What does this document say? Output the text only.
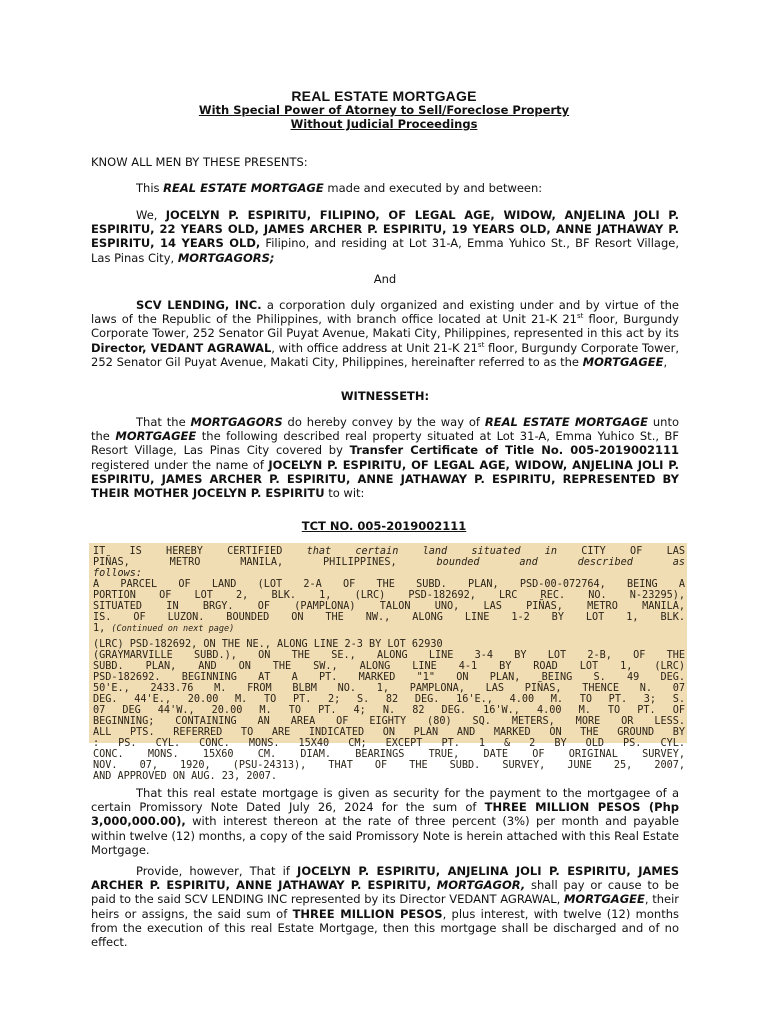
REAL ESTATE MORTGAGE
With Special Power of Atorney to Sell/Foreclose Property
Without Judicial Proceedings
KNOW ALL MEN BY THESE PRESENTS:
This REAL ESTATE MORTGAGE made and executed by and between:
We, JOCELYN P. ESPIRITU, FILIPINO, OF LEGAL AGE, WIDOW, ANJELINA JOLI P. ESPIRITU, 22 YEARS OLD, JAMES ARCHER P. ESPIRITU, 19 YEARS OLD, ANNE JATHAWAY P. ESPIRITU, 14 YEARS OLD, Filipino, and residing at Lot 31-A, Emma Yuhico St., BF Resort Village, Las Pinas City, MORTGAGORS;
And
SCV LENDING, INC. a corporation duly organized and existing under and by virtue of the laws of the Republic of the Philippines, with branch office located at Unit 21-K 21st floor, Burgundy Corporate Tower, 252 Senator Gil Puyat Avenue, Makati City, Philippines, represented in this act by its Director, VEDANT AGRAWAL, with office address at Unit 21-K 21st floor, Burgundy Corporate Tower, 252 Senator Gil Puyat Avenue, Makati City, Philippines, hereinafter referred to as the MORTGAGEE,
WITNESSETH:
That the MORTGAGORS do hereby convey by the way of REAL ESTATE MORTGAGE unto the MORTGAGEE the following described real property situated at Lot 31-A, Emma Yuhico St., BF Resort Village, Las Pinas City covered by Transfer Certificate of Title No. 005-2019002111 registered under the name of JOCELYN P. ESPIRITU, OF LEGAL AGE, WIDOW, ANJELINA JOLI P. ESPIRITU, JAMES ARCHER P. ESPIRITU, ANNE JATHAWAY P. ESPIRITU, REPRESENTED BY THEIR MOTHER JOCELYN P. ESPIRITU to wit:
TCT NO. 005-2019002111
IT IS HEREBY CERTIFIED that certain land situated in CITY OF LAS
PIÑAS, METRO MANILA, PHILIPPINES, bounded and described as
follows:
A PARCEL OF LAND (LOT 2-A OF THE SUBD. PLAN, PSD-00-072764, BEING A
PORTION OF LOT 2, BLK. 1, (LRC) PSD-182692, LRC REC. NO. N-23295),
SITUATED IN BRGY. OF (PAMPLONA) TALON UNO, LAS PIÑAS, METRO MANILA,
IS. OF LUZON. BOUNDED ON THE NW., ALONG LINE 1-2 BY LOT 1, BLK.
1, (Continued on next page)
(LRC) PSD-182692, ON THE NE., ALONG LINE 2-3 BY LOT 62930
(GRAYMARVILLE SUBD.), ON THE SE., ALONG LINE 3-4 BY LOT 2-B, OF THE
SUBD. PLAN, AND ON THE SW., ALONG LINE 4-1 BY ROAD LOT 1, (LRC)
PSD-182692. BEGINNING AT A PT. MARKED "1" ON PLAN, BEING S. 49 DEG.
50'E., 2433.76 M. FROM BLBM NO. 1, PAMPLONA, LAS PIÑAS, THENCE N. 07
DEG. 44'E., 20.00 M. TO PT. 2; S. 82 DEG. 16'E., 4.00 M. TO PT. 3; S.
07 DEG 44'W., 20.00 M. TO PT. 4; N. 82 DEG. 16'W., 4.00 M. TO PT. OF
BEGINNING; CONTAINING AN AREA OF EIGHTY (80) SQ. METERS, MORE OR LESS.
ALL PTS. REFERRED TO ARE INDICATED ON PLAN AND MARKED ON THE GROUND BY
: PS. CYL. CONC. MONS. 15X40 CM; EXCEPT PT. 1 & 2 BY OLD PS. CYL.
CONC. MONS. 15X60 CM. DIAM. BEARINGS TRUE, DATE OF ORIGINAL SURVEY,
NOV. 07, 1920, (PSU-24313), THAT OF THE SUBD. SURVEY, JUNE 25, 2007,
AND APPROVED ON AUG. 23, 2007.
That this real estate mortgage is given as security for the payment to the mortgagee of a certain Promissory Note Dated July 26, 2024 for the sum of THREE MILLION PESOS (Php 3,000,000.00), with interest thereon at the rate of three percent (3%) per month and payable within twelve (12) months, a copy of the said Promissory Note is herein attached with this Real Estate Mortgage.
Provide, however, That if JOCELYN P. ESPIRITU, ANJELINA JOLI P. ESPIRITU, JAMES ARCHER P. ESPIRITU, ANNE JATHAWAY P. ESPIRITU, MORTGAGOR, shall pay or cause to be paid to the said SCV LENDING INC represented by its Director VEDANT AGRAWAL, MORTGAGEE, their heirs or assigns, the said sum of THREE MILLION PESOS, plus interest, with twelve (12) months from the execution of this real Estate Mortgage, then this mortgage shall be discharged and of no effect.
